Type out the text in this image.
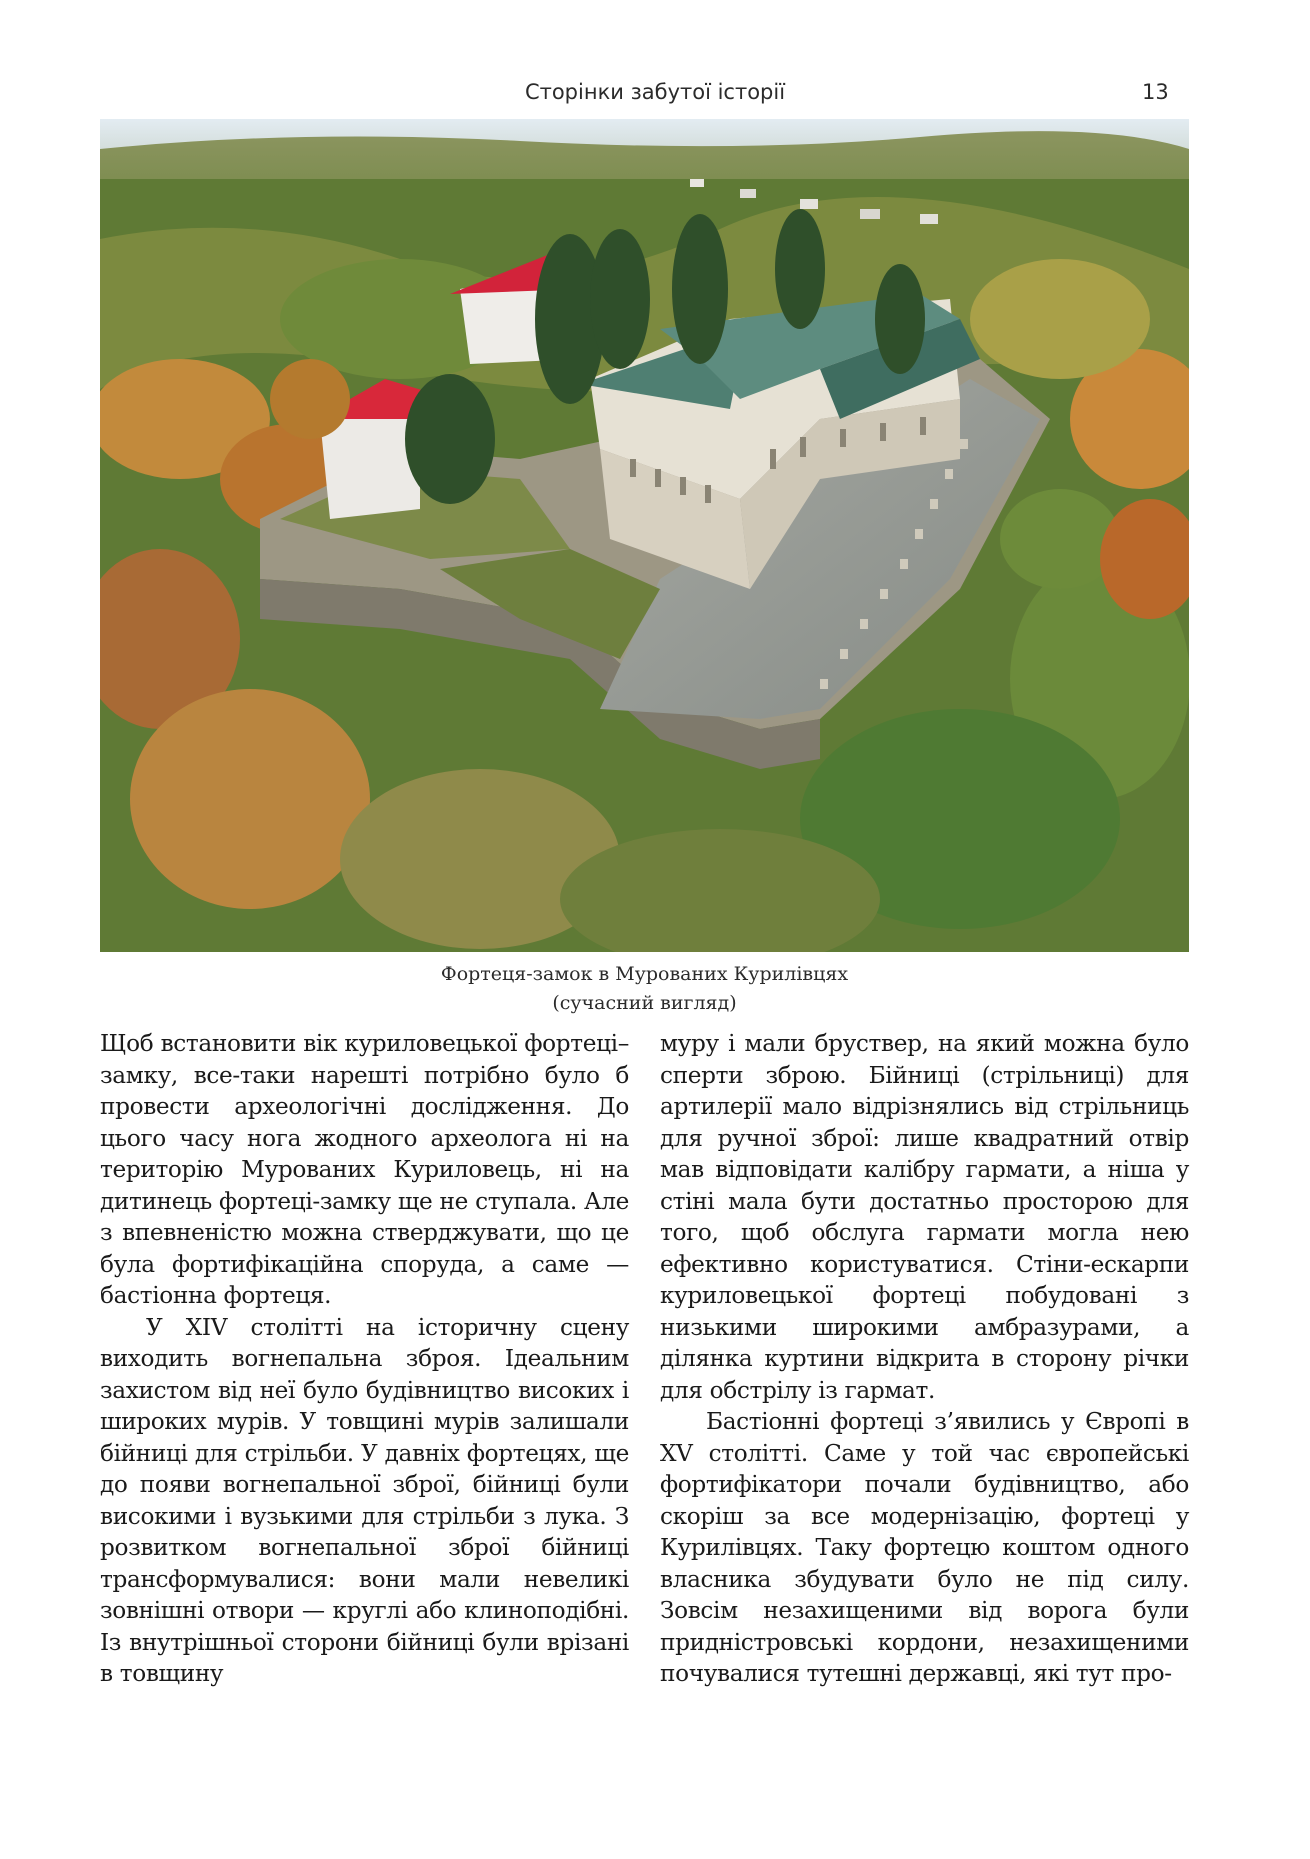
Сторінки забутої історії	13
Фортеця-замок в Мурованих Курилівцях
(сучасний вигляд)

Щоб встановити вік куриловецької фортеці–замку, все-таки нарешті потрібно було б провести археологічні дослідження. До цього часу нога жодного археолога ні на територію Мурованих Куриловець, ні на дитинець фортеці-замку ще не ступала. Але з впевненістю можна стверджувати, що це була фортифікаційна споруда, а саме — бастіонна фортеця.

У XIV столітті на історичну сцену виходить вогнепальна зброя. Ідеальним захистом від неї було будівництво високих і широких мурів. У товщині мурів залишали бійниці для стрільби. У давніх фортецях, ще до появи вогнепальної зброї, бійниці були високими і вузькими для стрільби з лука. З розвитком вогнепальної зброї бійниці трансформувалися: вони мали невеликі зовнішні отвори — круглі або клиноподібні. Із внутрішньої сторони бійниці були врізані в товщину

муру і мали бруствер, на який можна було сперти зброю. Бійниці (стрільниці) для артилерії мало відрізнялись від стрільниць для ручної зброї: лише квадратний отвір мав відповідати калібру гармати, а ніша у стіні мала бути достатньо просторою для того, щоб обслуга гармати могла нею ефективно користуватися. Стіни-ескарпи куриловецької фортеці побудовані з низькими широкими амбразурами, а ділянка куртини відкрита в сторону річки для обстрілу із гармат.

Бастіонні фортеці з’явились у Європі в XV столітті. Саме у той час європейські фортифікатори почали будівництво, або скоріш за все модернізацію, фортеці у Курилівцях. Таку фортецю коштом одного власника збудувати було не під силу. Зовсім незахищеними від ворога були придністровські кордони, незахищеними почувалися тутешні державці, які тут про-
